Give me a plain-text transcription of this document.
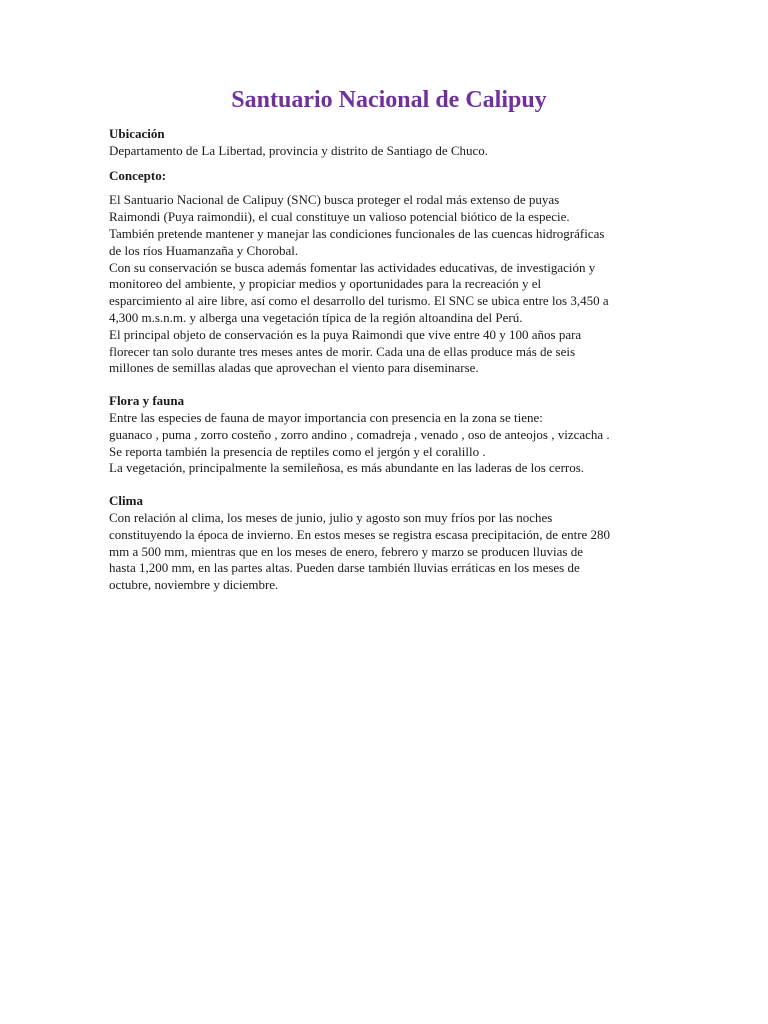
Santuario Nacional de Calipuy

Ubicación

Departamento de La Libertad, provincia y distrito de Santiago de Chuco.

Concepto:

El Santuario Nacional de Calipuy (SNC) busca proteger el rodal más extenso de puyas
Raimondi (Puya raimondii), el cual constituye un valioso potencial biótico de la especie.
También pretende mantener y manejar las condiciones funcionales de las cuencas hidrográficas
de los ríos Huamanzaña y Chorobal.
Con su conservación se busca además fomentar las actividades educativas, de investigación y
monitoreo del ambiente, y propiciar medios y oportunidades para la recreación y el
esparcimiento al aire libre, así como el desarrollo del turismo. El SNC se ubica entre los 3,450 a
4,300 m.s.n.m. y alberga una vegetación típica de la región altoandina del Perú.
El principal objeto de conservación es la puya Raimondi que vive entre 40 y 100 años para
florecer tan solo durante tres meses antes de morir. Cada una de ellas produce más de seis
millones de semillas aladas que aprovechan el viento para diseminarse.

Flora y fauna

Entre las especies de fauna de mayor importancia con presencia en la zona se tiene:
guanaco , puma , zorro costeño , zorro andino , comadreja , venado , oso de anteojos , vizcacha .
Se reporta también la presencia de reptiles como el jergón y el coralillo .
La vegetación, principalmente la semileñosa, es más abundante en las laderas de los cerros.

Clima

Con relación al clima, los meses de junio, julio y agosto son muy fríos por las noches
constituyendo la época de invierno. En estos meses se registra escasa precipitación, de entre 280
mm a 500 mm, mientras que en los meses de enero, febrero y marzo se producen lluvias de
hasta 1,200 mm, en las partes altas. Pueden darse también lluvias erráticas en los meses de
octubre, noviembre y diciembre.
